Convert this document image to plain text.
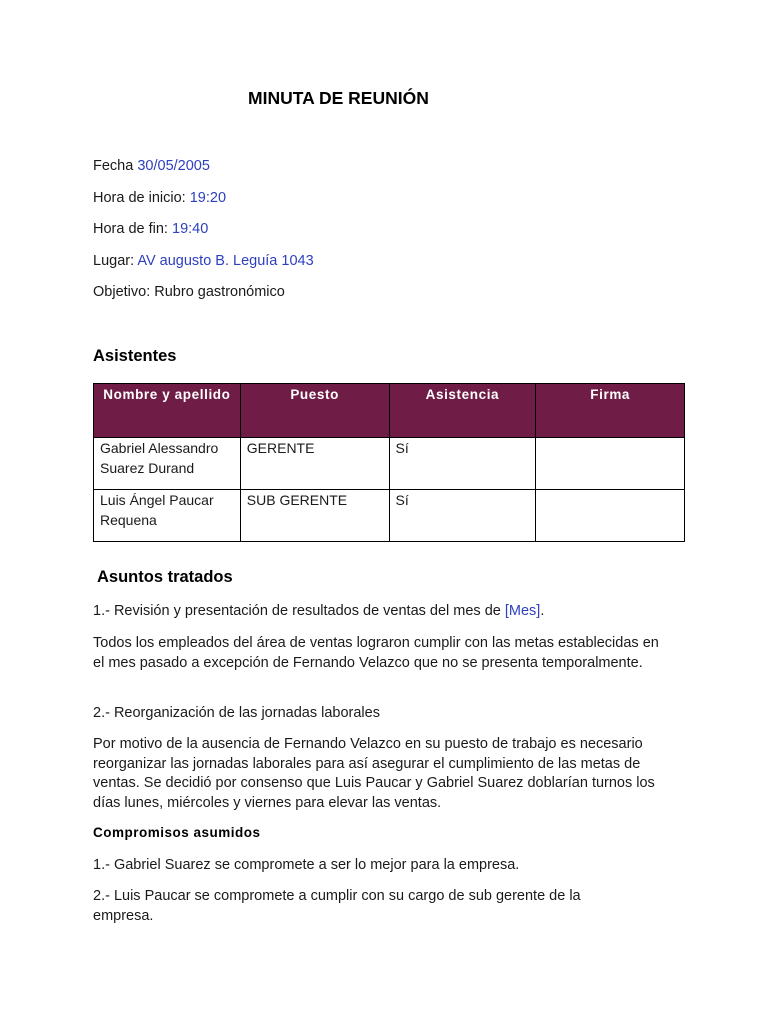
MINUTA DE REUNIÓN
Fecha 30/05/2005
Hora de inicio: 19:20
Hora de fin: 19:40
Lugar: AV augusto B. Leguía 1043
Objetivo: Rubro gastronómico
Asistentes
Nombre y apellido	Puesto	Asistencia	Firma
Gabriel Alessandro Suarez Durand	GERENTE	Sí	
Luis Ángel Paucar Requena	SUB GERENTE	Sí	
Asuntos tratados
1.- Revisión y presentación de resultados de ventas del mes de [Mes].
Todos los empleados del área de ventas lograron cumplir con las metas establecidas en el mes pasado a excepción de Fernando Velazco que no se presenta temporalmente.
2.- Reorganización de las jornadas laborales
Por motivo de la ausencia de Fernando Velazco en su puesto de trabajo es necesario reorganizar las jornadas laborales para así asegurar el cumplimiento de las metas de ventas. Se decidió por consenso que Luis Paucar y Gabriel Suarez doblarían turnos los días lunes, miércoles y viernes para elevar las ventas.
Compromisos asumidos
1.- Gabriel Suarez se compromete a ser lo mejor para la empresa.
2.- Luis Paucar se compromete a cumplir con su cargo de sub gerente de la empresa.
